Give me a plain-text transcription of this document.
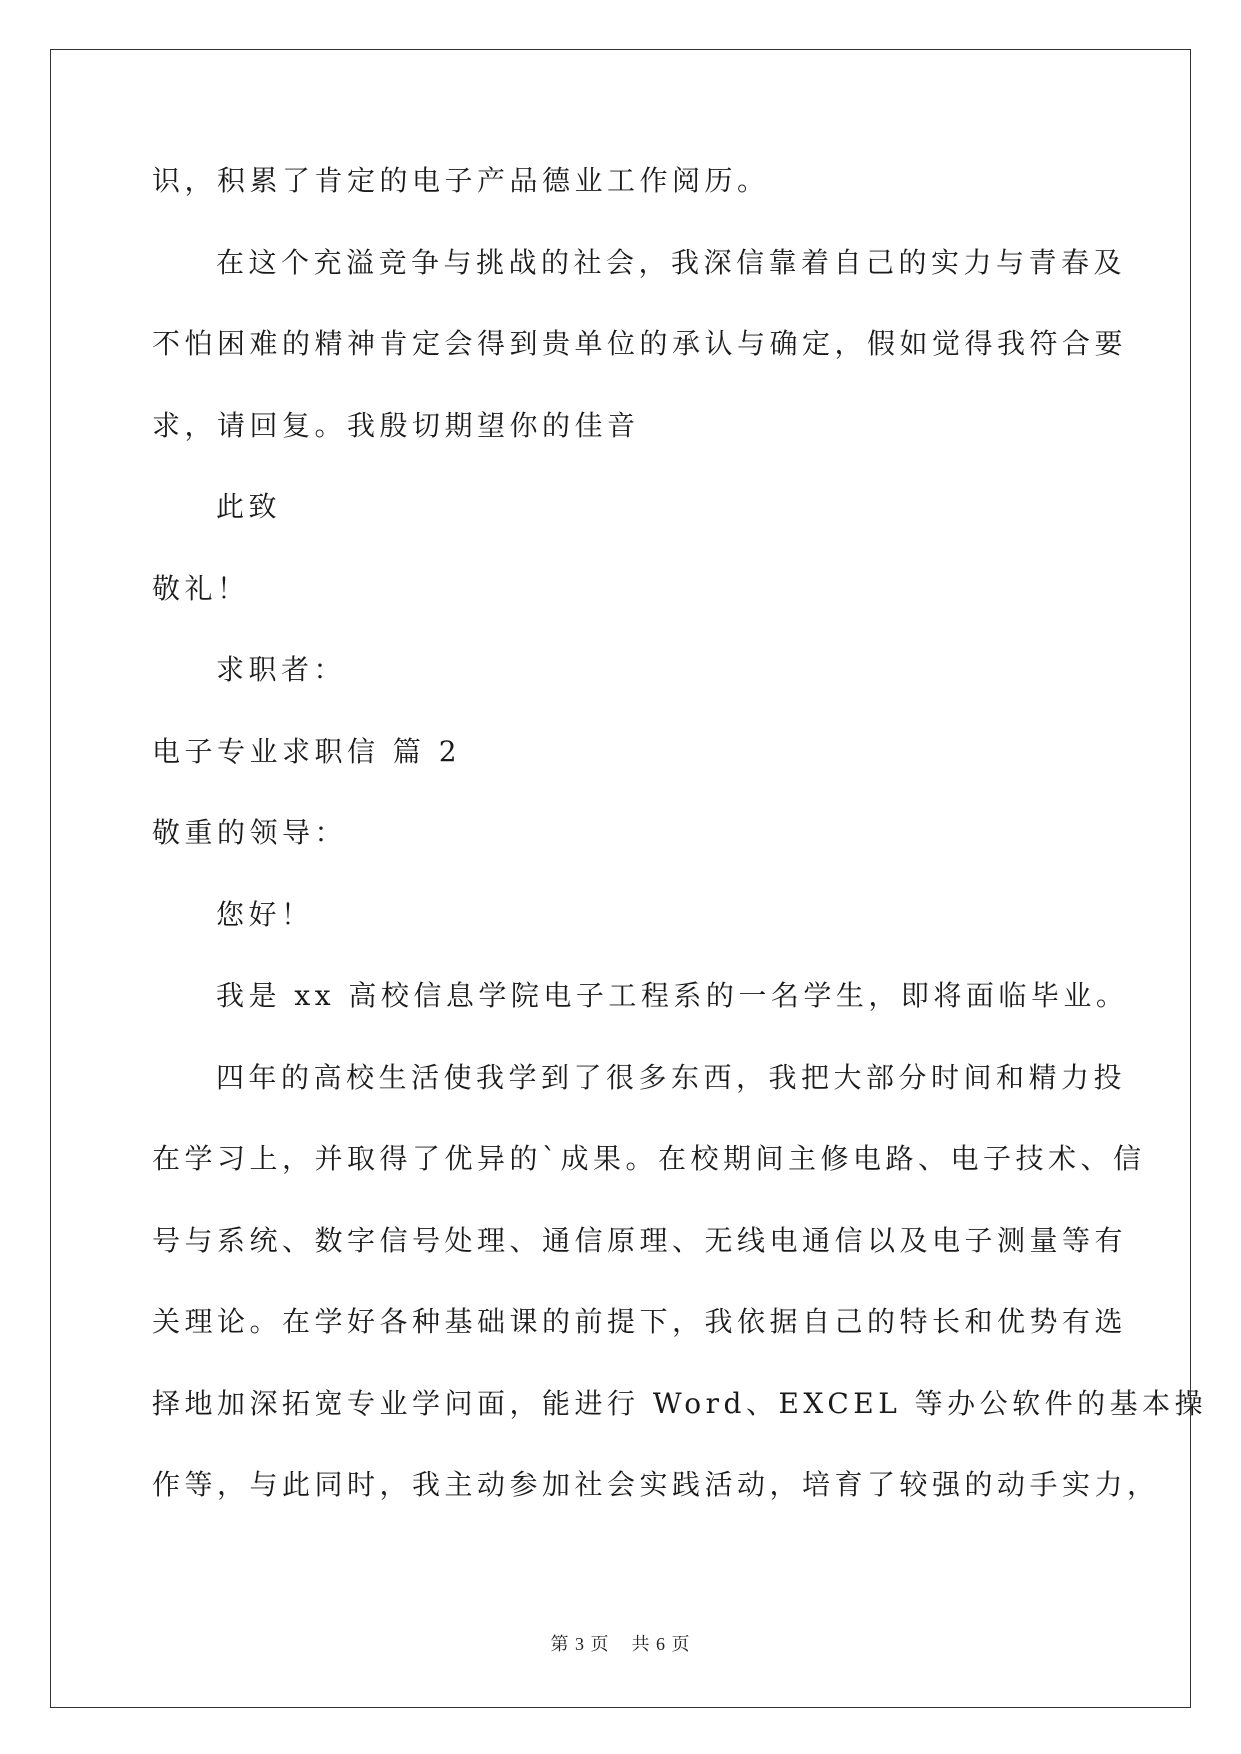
识，积累了肯定的电子产品德业工作阅历。

在这个充溢竞争与挑战的社会，我深信靠着自己的实力与青春及

不怕困难的精神肯定会得到贵单位的承认与确定，假如觉得我符合要

求，请回复。我殷切期望你的佳音

此致

敬礼！

求职者：

电子专业求职信 篇 2

敬重的领导：

您好！

我是 xx 高校信息学院电子工程系的一名学生，即将面临毕业。

四年的高校生活使我学到了很多东西，我把大部分时间和精力投

在学习上，并取得了优异的`成果。在校期间主修电路、电子技术、信

号与系统、数字信号处理、通信原理、无线电通信以及电子测量等有

关理论。在学好各种基础课的前提下，我依据自己的特长和优势有选

择地加深拓宽专业学问面，能进行 Word、EXCEL 等办公软件的基本操

作等，与此同时，我主动参加社会实践活动，培育了较强的动手实力，

第 3 页 共 6 页
